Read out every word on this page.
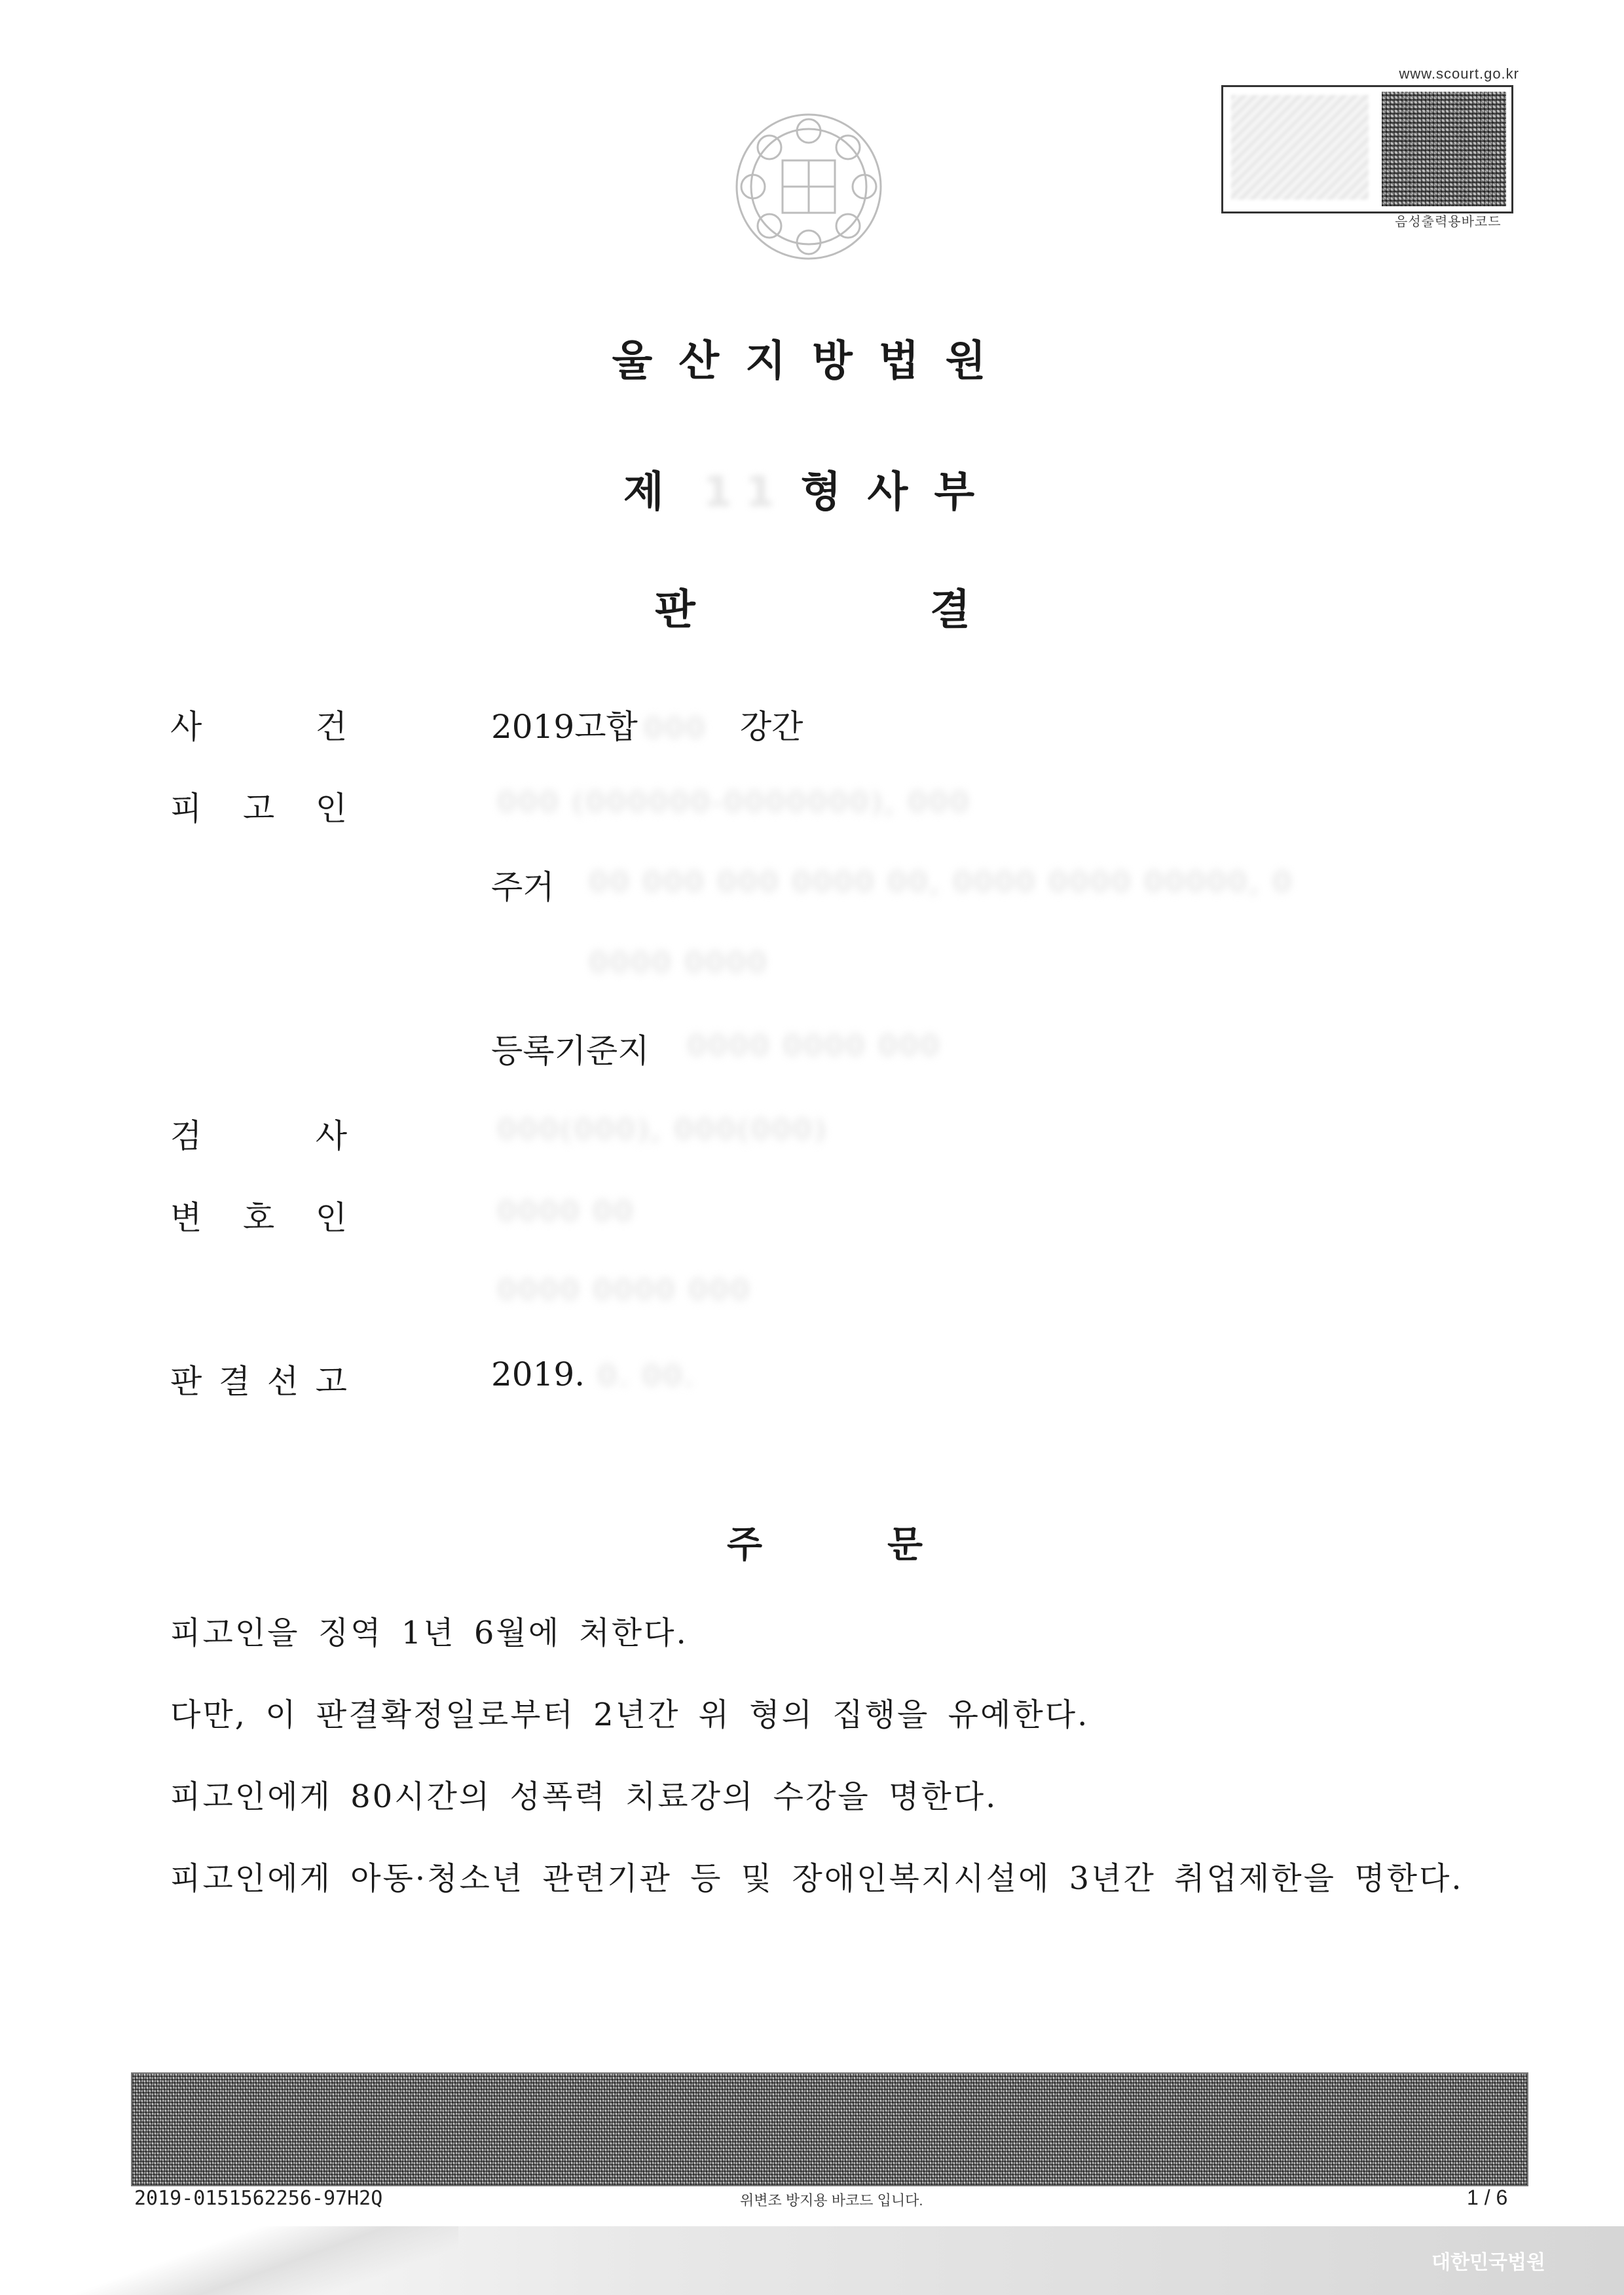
www.scourt.go.kr
음성출력용바코드
울산지방법원
제 11 형사부
판	결
사	건	2019고합 000 강간
피 고 인	000 (000000-0000000), 000
주거 00 000 000 0000 00, 0000 0000 00000, 0
0000 0000
등록기준지 0000 0000 000
검	사	000(000), 000(000)
변 호 인	0000 00
0000 0000 000
판 결 선 고	2019. 0. 00.
주	문
피고인을 징역 1년 6월에 처한다.
다만, 이 판결확정일로부터 2년간 위 형의 집행을 유예한다.
피고인에게 80시간의 성폭력 치료강의 수강을 명한다.
피고인에게 아동·청소년 관련기관 등 및 장애인복지시설에 3년간 취업제한을 명한다.
2019-0151562256-97H2Q	위변조 방지용 바코드 입니다.	1 / 6
대한민국법원
